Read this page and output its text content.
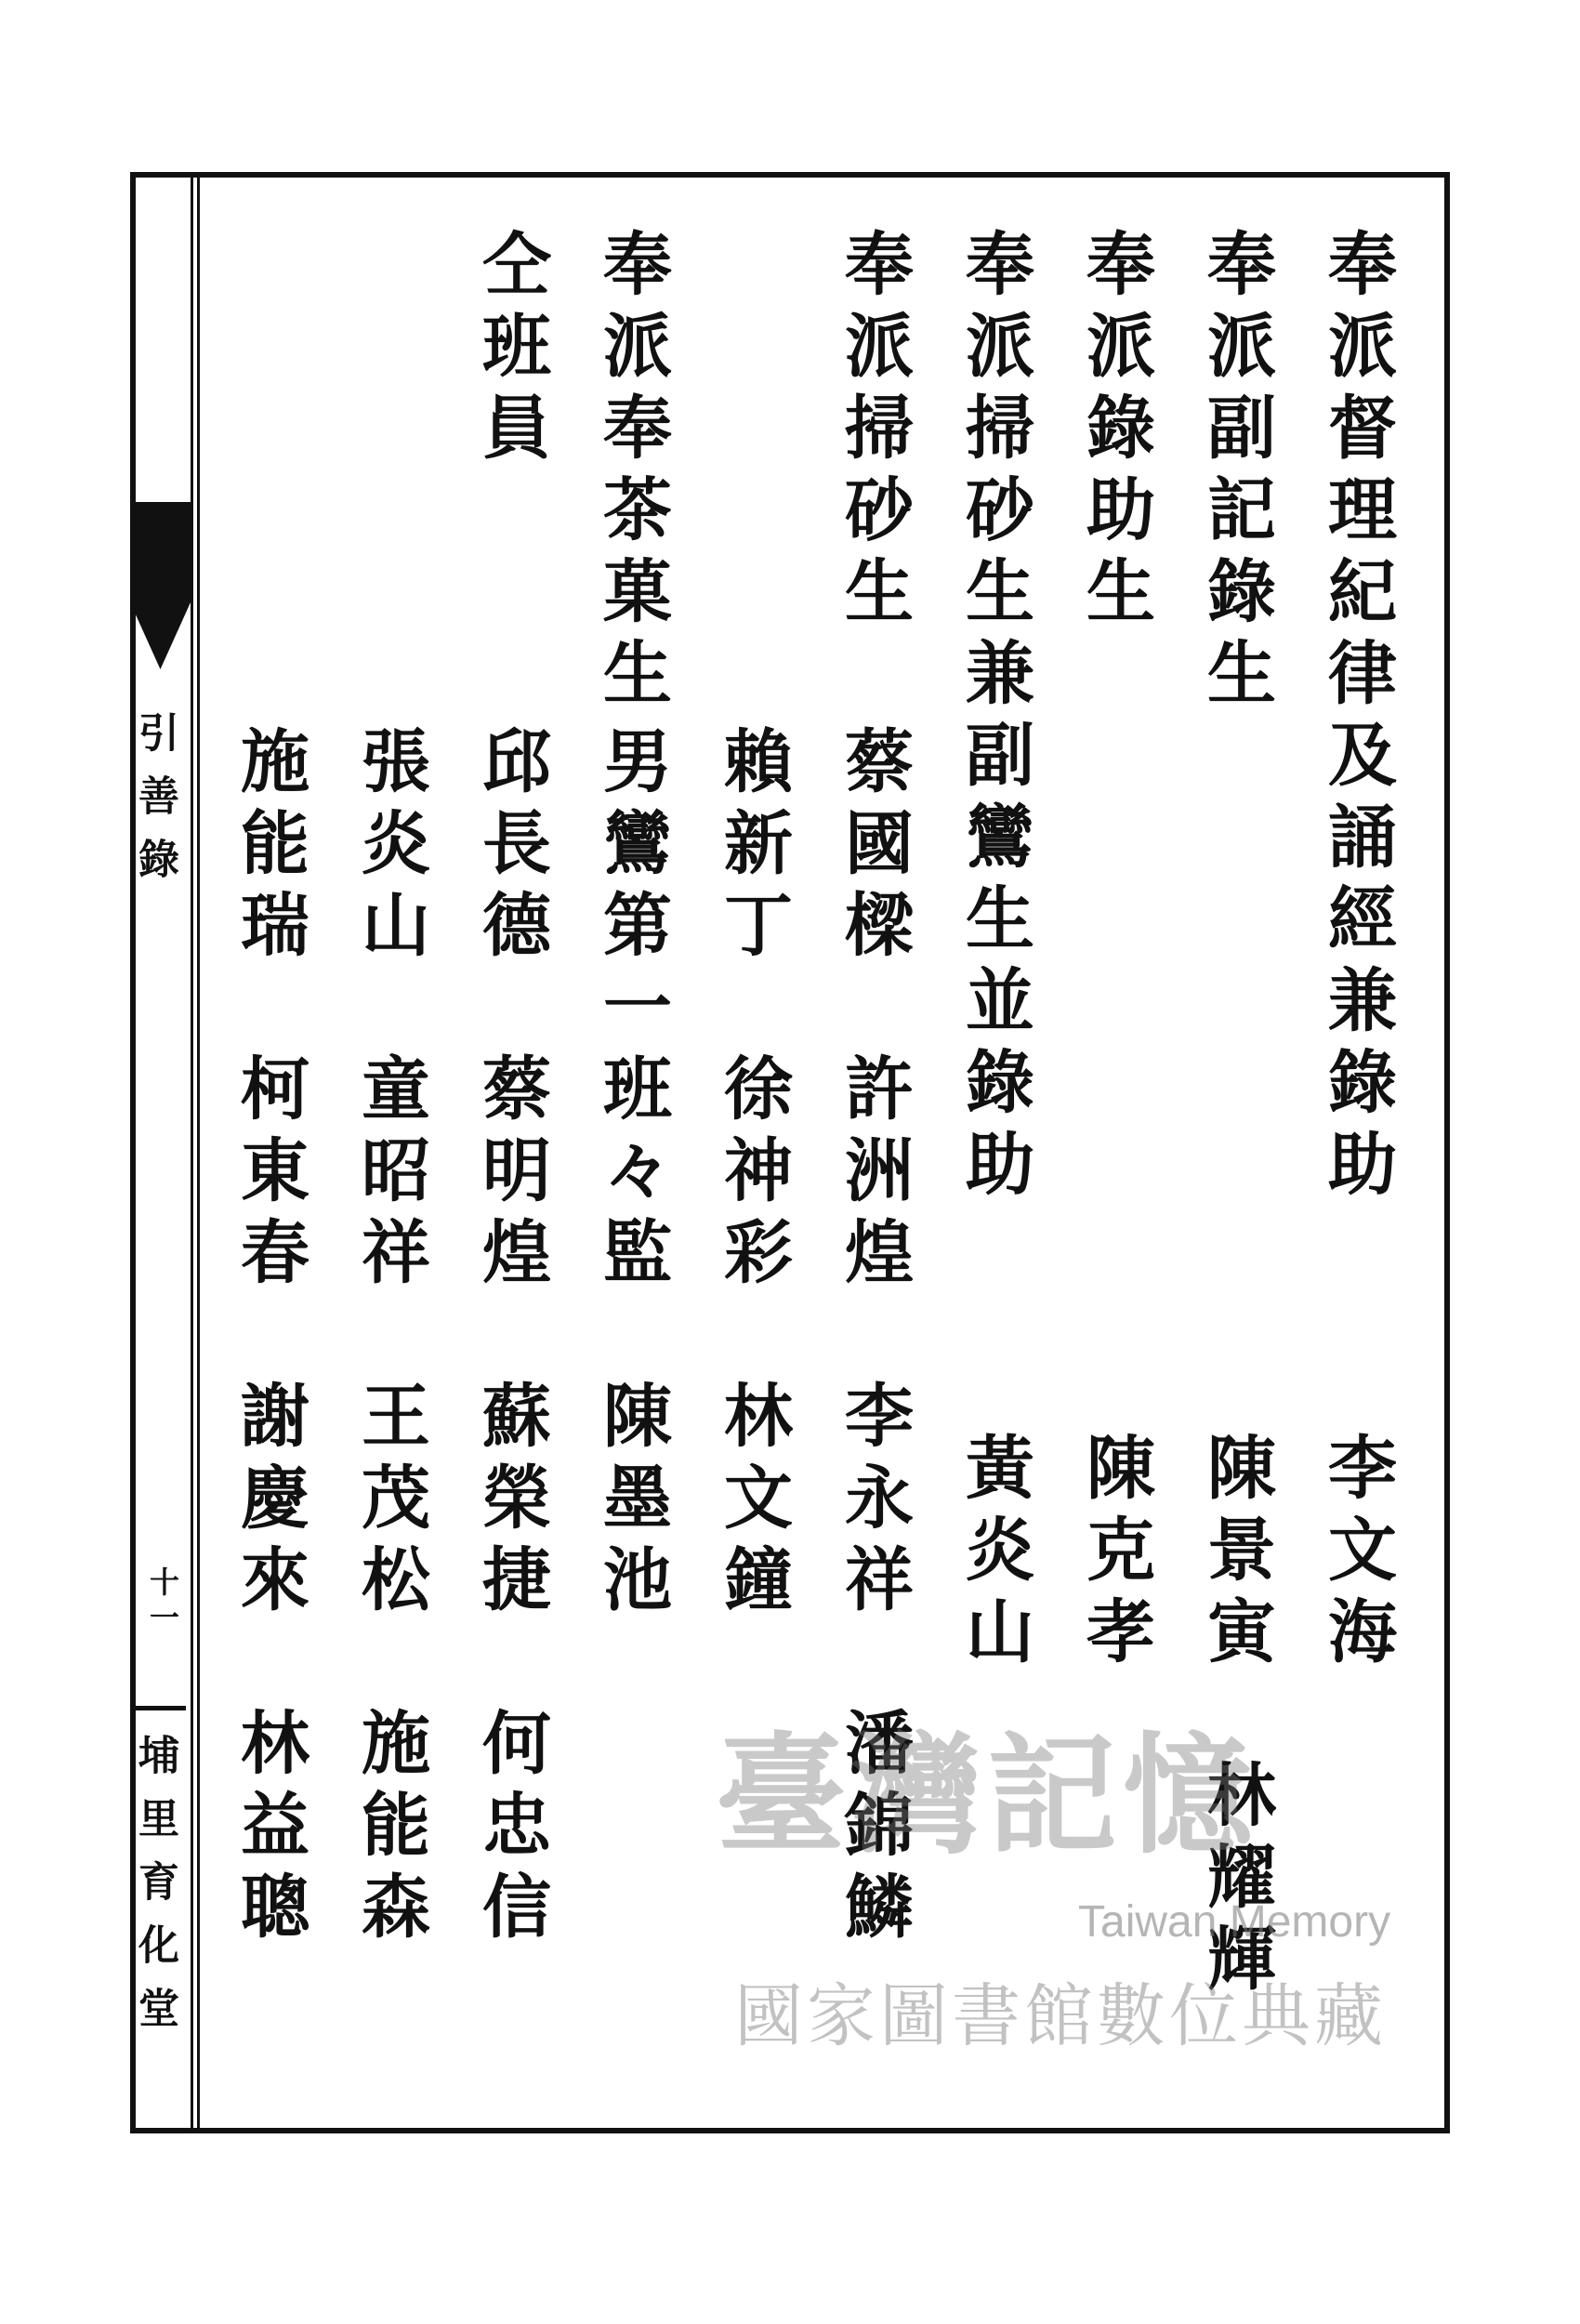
引善錄
十一
埔里育化堂
奉派督理紀律及誦經兼錄助
李文海
奉派副記錄生
陳景寅　林耀輝
奉派錄助生
陳克孝
奉派掃砂生兼副鸞生並錄助
黃炎山
奉派掃砂生
蔡國樑　許洲煌　李永祥　潘錦鱗
賴新丁　徐神彩　林文鐘
奉派奉茶菓生
男鸞第一班々監　陳墨池
仝班員
邱長德　蔡明煌　蘇榮捷　何忠信
張炎山　童昭祥　王茂松　施能森
施能瑞　柯東春　謝慶來　林益聰	臺灣記憶
Taiwan Memory
國家圖書館數位典藏
